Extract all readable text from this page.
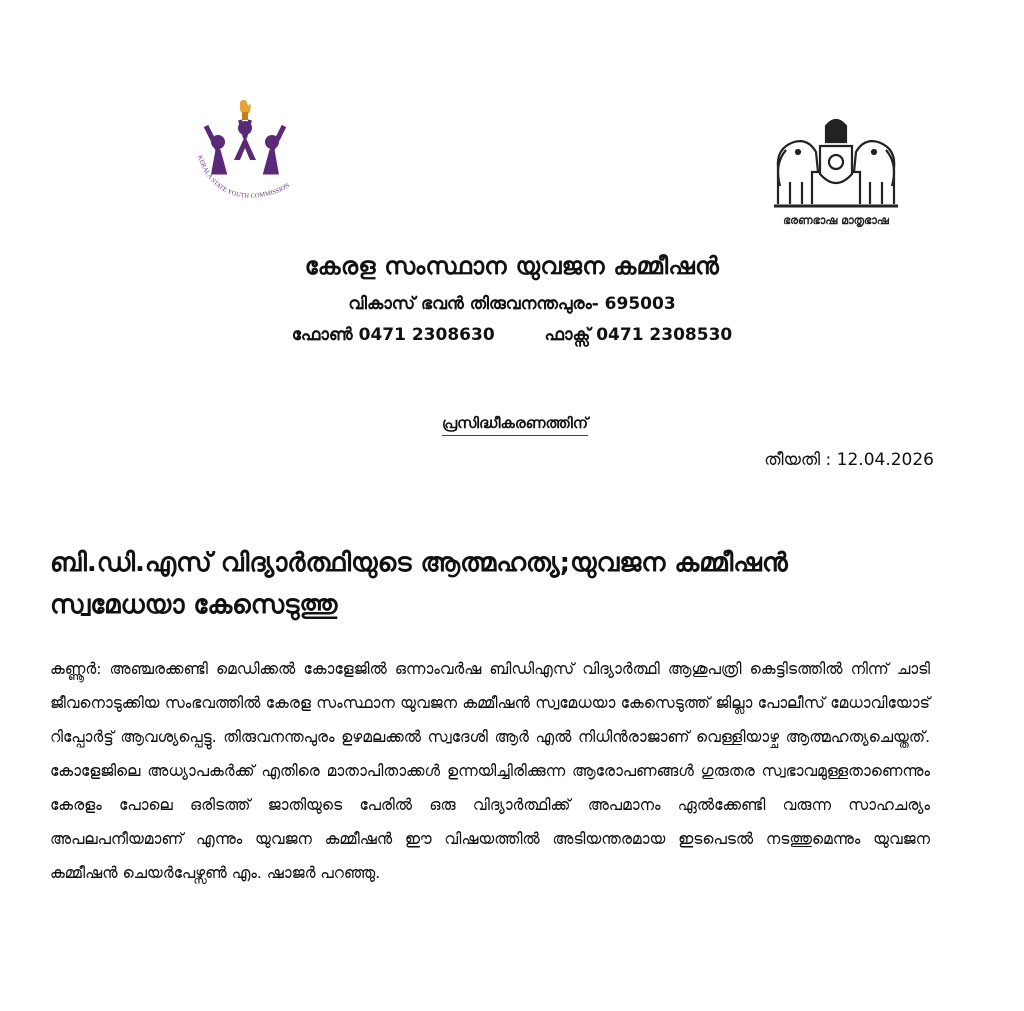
KERALA STATE YOUTH COMMISSION
ഭരണഭാഷ മാതൃഭാഷ
കേരള സംസ്ഥാന യുവജന കമ്മീഷൻ
വികാസ് ഭവൻ തിരുവനന്തപുരം- 695003
ഫോൺ 0471 2308630	ഫാക്സ് 0471 2308530
പ്രസിദ്ധീകരണത്തിന്
തീയതി : 12.04.2026
ബി.ഡി.എസ് വിദ്യാർത്ഥിയുടെ ആത്മഹത്യ;യുവജന കമ്മീഷൻ സ്വമേധയാ കേസെടുത്തു
കണ്ണൂർ: അഞ്ചരക്കണ്ടി മെഡിക്കൽ കോളേജിൽ ഒന്നാംവർഷ ബിഡിഎസ് വിദ്യാർത്ഥി ആശുപത്രി കെട്ടിടത്തിൽ നിന്ന് ചാടി ജീവനൊടുക്കിയ സംഭവത്തിൽ കേരള സംസ്ഥാന യുവജന കമ്മീഷൻ സ്വമേധയാ കേസെടുത്ത് ജില്ലാ പോലീസ് മേധാവിയോട് റിപ്പോർട്ട് ആവശ്യപ്പെട്ടു. തിരുവനന്തപുരം ഉഴമലക്കൽ സ്വദേശി ആർ എൽ നിധിൻരാജാണ് വെള്ളിയാഴ്ച ആത്മഹത്യചെയ്തത്. കോളേജിലെ അധ്യാപകർക്ക് എതിരെ മാതാപിതാക്കൾ ഉന്നയിച്ചിരിക്കുന്ന ആരോപണങ്ങൾ ഗുരുതര സ്വഭാവമുള്ളതാണെന്നും കേരളം പോലെ ഒരിടത്ത് ജാതിയുടെ പേരിൽ ഒരു വിദ്യാർത്ഥിക്ക് അപമാനം ഏൽക്കേണ്ടി വരുന്ന സാഹചര്യം അപലപനീയമാണ് എന്നും യുവജന കമ്മീഷൻ ഈ വിഷയത്തിൽ അടിയന്തരമായ ഇടപെടൽ നടത്തുമെന്നും യുവജന കമ്മീഷൻ ചെയർപേഴ്സൺ എം. ഷാജർ പറഞ്ഞു.
